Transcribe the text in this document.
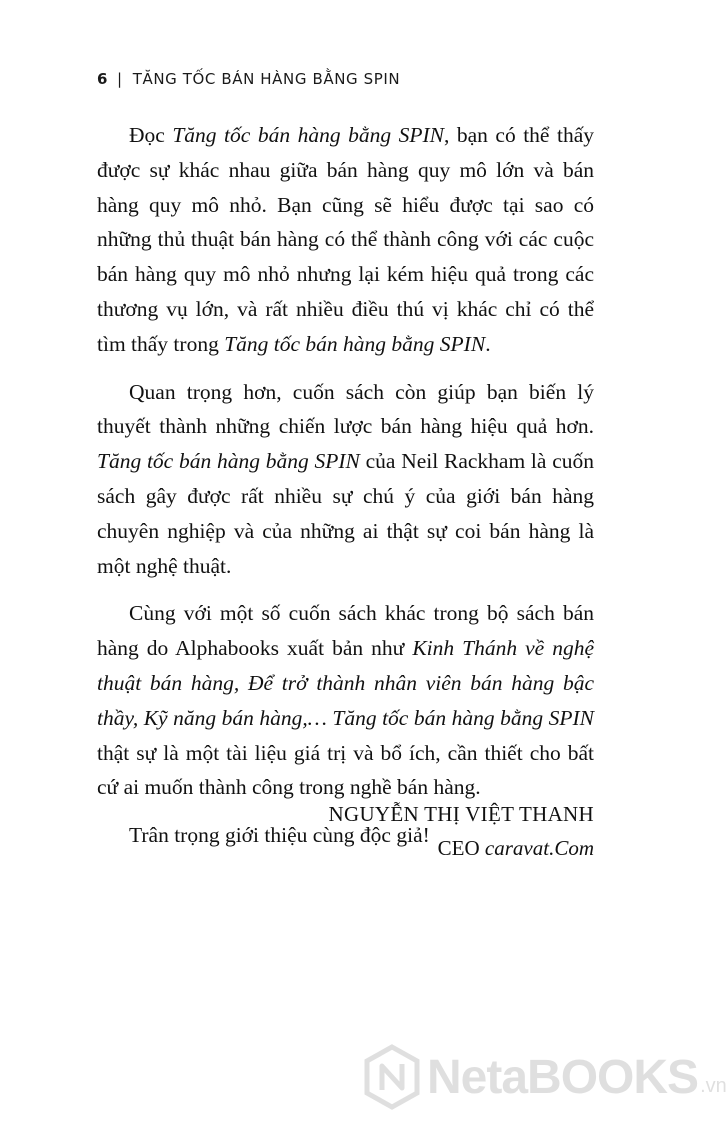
6 | TĂNG TỐC BÁN HÀNG BẰNG SPIN

Đọc Tăng tốc bán hàng bằng SPIN, bạn có thể thấy được sự khác nhau giữa bán hàng quy mô lớn và bán hàng quy mô nhỏ. Bạn cũng sẽ hiểu được tại sao có những thủ thuật bán hàng có thể thành công với các cuộc bán hàng quy mô nhỏ nhưng lại kém hiệu quả trong các thương vụ lớn, và rất nhiều điều thú vị khác chỉ có thể tìm thấy trong Tăng tốc bán hàng bằng SPIN.

Quan trọng hơn, cuốn sách còn giúp bạn biến lý thuyết thành những chiến lược bán hàng hiệu quả hơn. Tăng tốc bán hàng bằng SPIN của Neil Rackham là cuốn sách gây được rất nhiều sự chú ý của giới bán hàng chuyên nghiệp và của những ai thật sự coi bán hàng là một nghệ thuật.

Cùng với một số cuốn sách khác trong bộ sách bán hàng do Alphabooks xuất bản như Kinh Thánh về nghệ thuật bán hàng, Để trở thành nhân viên bán hàng bậc thầy, Kỹ năng bán hàng,… Tăng tốc bán hàng bằng SPIN thật sự là một tài liệu giá trị và bổ ích, cần thiết cho bất cứ ai muốn thành công trong nghề bán hàng.

Trân trọng giới thiệu cùng độc giả!

NGUYỄN THỊ VIỆT THANH
CEO caravat.Com
NetaBOOKS .vn
